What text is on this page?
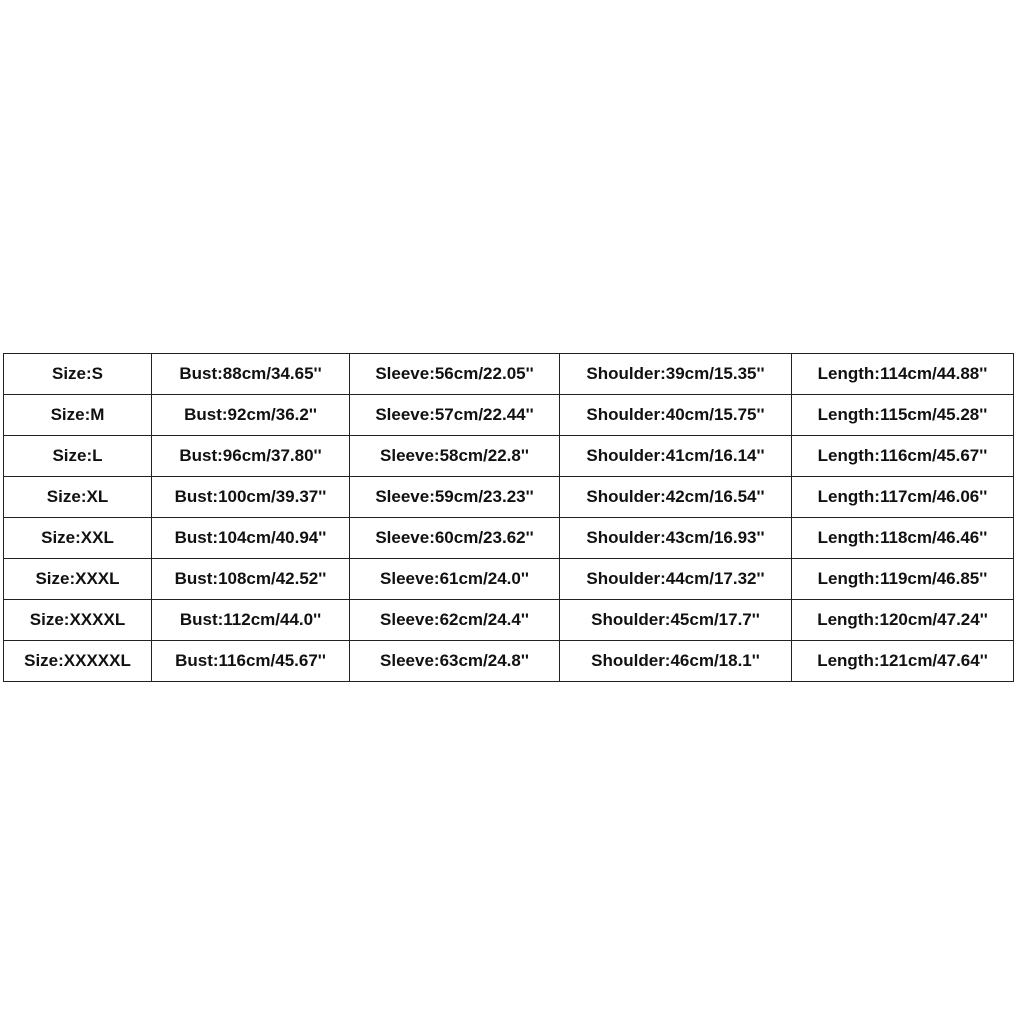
Size:S	Bust:88cm/34.65''	Sleeve:56cm/22.05''	Shoulder:39cm/15.35''	Length:114cm/44.88''
Size:M	Bust:92cm/36.2''	Sleeve:57cm/22.44''	Shoulder:40cm/15.75''	Length:115cm/45.28''
Size:L	Bust:96cm/37.80''	Sleeve:58cm/22.8''	Shoulder:41cm/16.14''	Length:116cm/45.67''
Size:XL	Bust:100cm/39.37''	Sleeve:59cm/23.23''	Shoulder:42cm/16.54''	Length:117cm/46.06''
Size:XXL	Bust:104cm/40.94''	Sleeve:60cm/23.62''	Shoulder:43cm/16.93''	Length:118cm/46.46''
Size:XXXL	Bust:108cm/42.52''	Sleeve:61cm/24.0''	Shoulder:44cm/17.32''	Length:119cm/46.85''
Size:XXXXL	Bust:112cm/44.0''	Sleeve:62cm/24.4''	Shoulder:45cm/17.7''	Length:120cm/47.24''
Size:XXXXXL	Bust:116cm/45.67''	Sleeve:63cm/24.8''	Shoulder:46cm/18.1''	Length:121cm/47.64''
